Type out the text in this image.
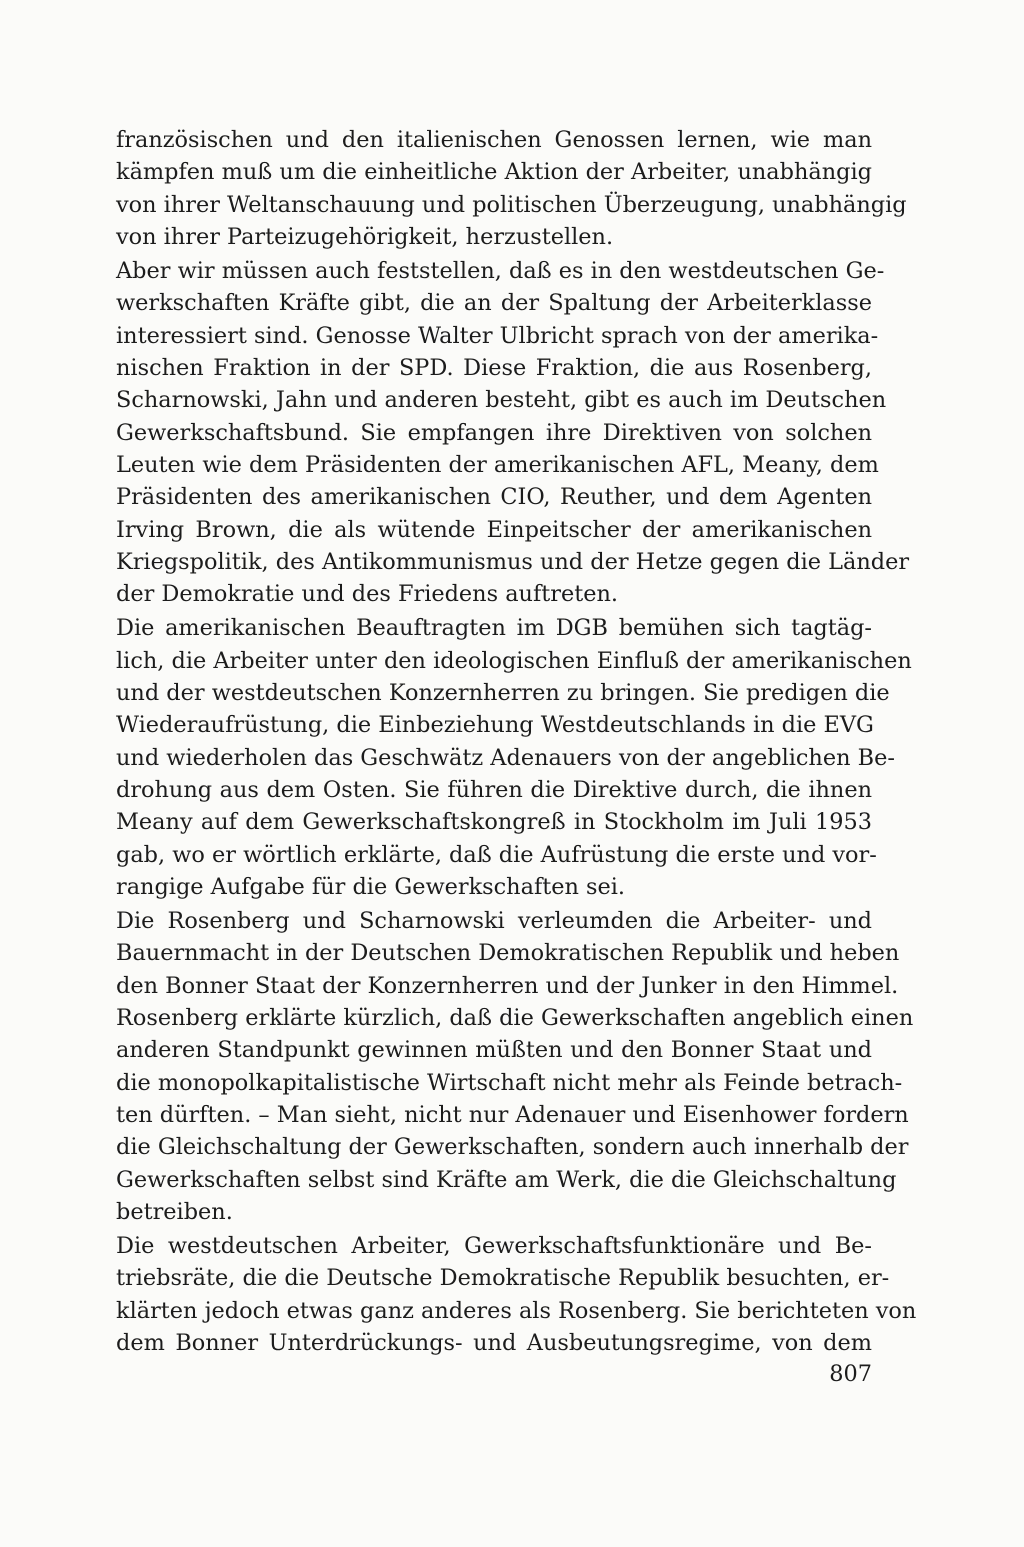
französischen und den italienischen Genossen lernen, wie man
kämpfen muß um die einheitliche Aktion der Arbeiter, unabhängig
von ihrer Weltanschauung und politischen Überzeugung, unabhängig
von ihrer Parteizugehörigkeit, herzustellen.
Aber wir müssen auch feststellen, daß es in den westdeutschen Ge-
werkschaften Kräfte gibt, die an der Spaltung der Arbeiterklasse
interessiert sind. Genosse Walter Ulbricht sprach von der amerika-
nischen Fraktion in der SPD. Diese Fraktion, die aus Rosenberg,
Scharnowski, Jahn und anderen besteht, gibt es auch im Deutschen
Gewerkschaftsbund. Sie empfangen ihre Direktiven von solchen
Leuten wie dem Präsidenten der amerikanischen AFL, Meany, dem
Präsidenten des amerikanischen CIO, Reuther, und dem Agenten
Irving Brown, die als wütende Einpeitscher der amerikanischen
Kriegspolitik, des Antikommunismus und der Hetze gegen die Länder
der Demokratie und des Friedens auftreten.
Die amerikanischen Beauftragten im DGB bemühen sich tagtäg-
lich, die Arbeiter unter den ideologischen Einfluß der amerikanischen
und der westdeutschen Konzernherren zu bringen. Sie predigen die
Wiederaufrüstung, die Einbeziehung Westdeutschlands in die EVG
und wiederholen das Geschwätz Adenauers von der angeblichen Be-
drohung aus dem Osten. Sie führen die Direktive durch, die ihnen
Meany auf dem Gewerkschaftskongreß in Stockholm im Juli 1953
gab, wo er wörtlich erklärte, daß die Aufrüstung die erste und vor-
rangige Aufgabe für die Gewerkschaften sei.
Die Rosenberg und Scharnowski verleumden die Arbeiter- und
Bauernmacht in der Deutschen Demokratischen Republik und heben
den Bonner Staat der Konzernherren und der Junker in den Himmel.
Rosenberg erklärte kürzlich, daß die Gewerkschaften angeblich einen
anderen Standpunkt gewinnen müßten und den Bonner Staat und
die monopolkapitalistische Wirtschaft nicht mehr als Feinde betrach-
ten dürften. – Man sieht, nicht nur Adenauer und Eisenhower fordern
die Gleichschaltung der Gewerkschaften, sondern auch innerhalb der
Gewerkschaften selbst sind Kräfte am Werk, die die Gleichschaltung
betreiben.
Die westdeutschen Arbeiter, Gewerkschaftsfunktionäre und Be-
triebsräte, die die Deutsche Demokratische Republik besuchten, er-
klärten jedoch etwas ganz anderes als Rosenberg. Sie berichteten von
dem Bonner Unterdrückungs- und Ausbeutungsregime, von dem
807
